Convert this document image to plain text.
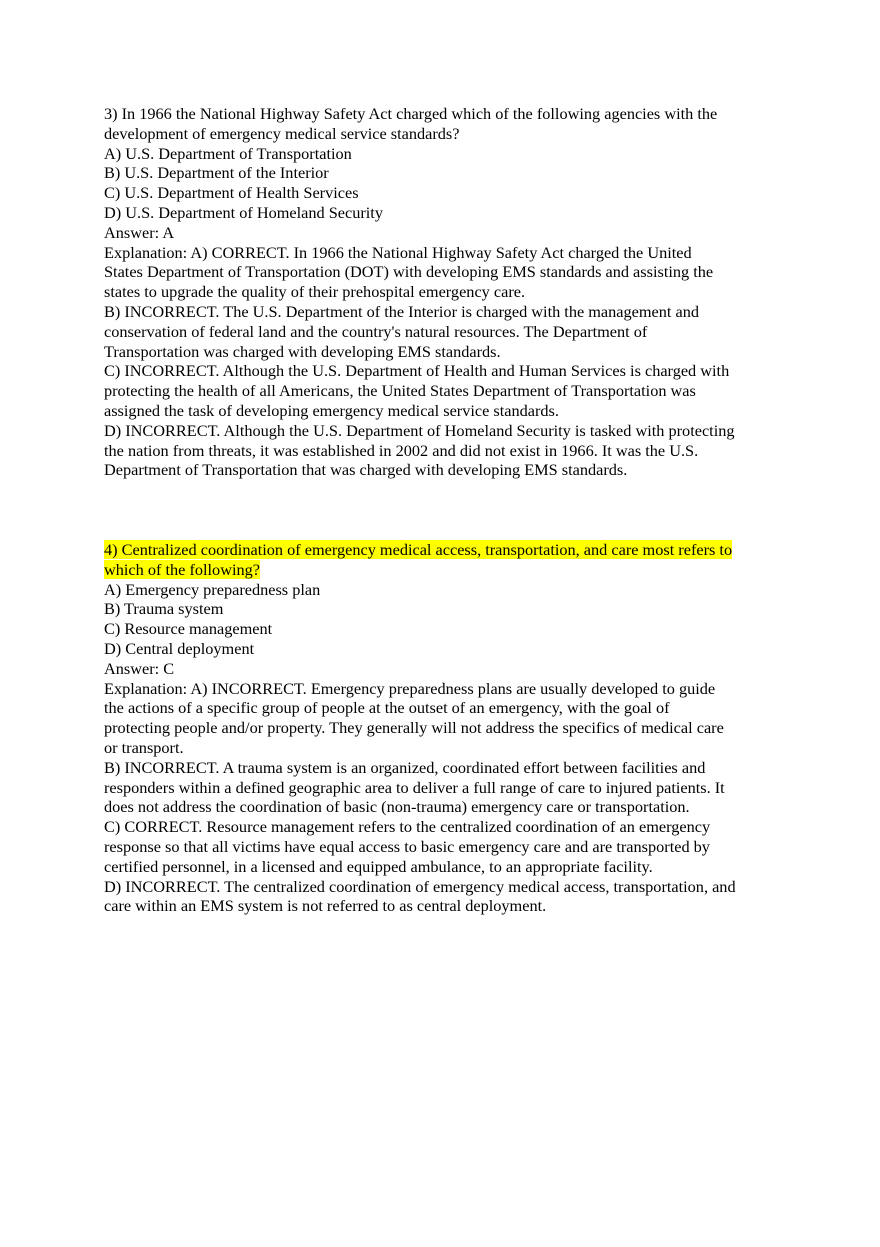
3) In 1966 the National Highway Safety Act charged which of the following agencies with the
development of emergency medical service standards?
A) U.S. Department of Transportation
B) U.S. Department of the Interior
C) U.S. Department of Health Services
D) U.S. Department of Homeland Security
Answer: A
Explanation: A) CORRECT. In 1966 the National Highway Safety Act charged the United
States Department of Transportation (DOT) with developing EMS standards and assisting the
states to upgrade the quality of their prehospital emergency care.
B) INCORRECT. The U.S. Department of the Interior is charged with the management and
conservation of federal land and the country's natural resources. The Department of
Transportation was charged with developing EMS standards.
C) INCORRECT. Although the U.S. Department of Health and Human Services is charged with
protecting the health of all Americans, the United States Department of Transportation was
assigned the task of developing emergency medical service standards.
D) INCORRECT. Although the U.S. Department of Homeland Security is tasked with protecting
the nation from threats, it was established in 2002 and did not exist in 1966. It was the U.S.
Department of Transportation that was charged with developing EMS standards.
4) Centralized coordination of emergency medical access, transportation, and care most refers to
which of the following?
A) Emergency preparedness plan
B) Trauma system
C) Resource management
D) Central deployment
Answer: C
Explanation: A) INCORRECT. Emergency preparedness plans are usually developed to guide
the actions of a specific group of people at the outset of an emergency, with the goal of
protecting people and/or property. They generally will not address the specifics of medical care
or transport.
B) INCORRECT. A trauma system is an organized, coordinated effort between facilities and
responders within a defined geographic area to deliver a full range of care to injured patients. It
does not address the coordination of basic (non-trauma) emergency care or transportation.
C) CORRECT. Resource management refers to the centralized coordination of an emergency
response so that all victims have equal access to basic emergency care and are transported by
certified personnel, in a licensed and equipped ambulance, to an appropriate facility.
D) INCORRECT. The centralized coordination of emergency medical access, transportation, and
care within an EMS system is not referred to as central deployment.
